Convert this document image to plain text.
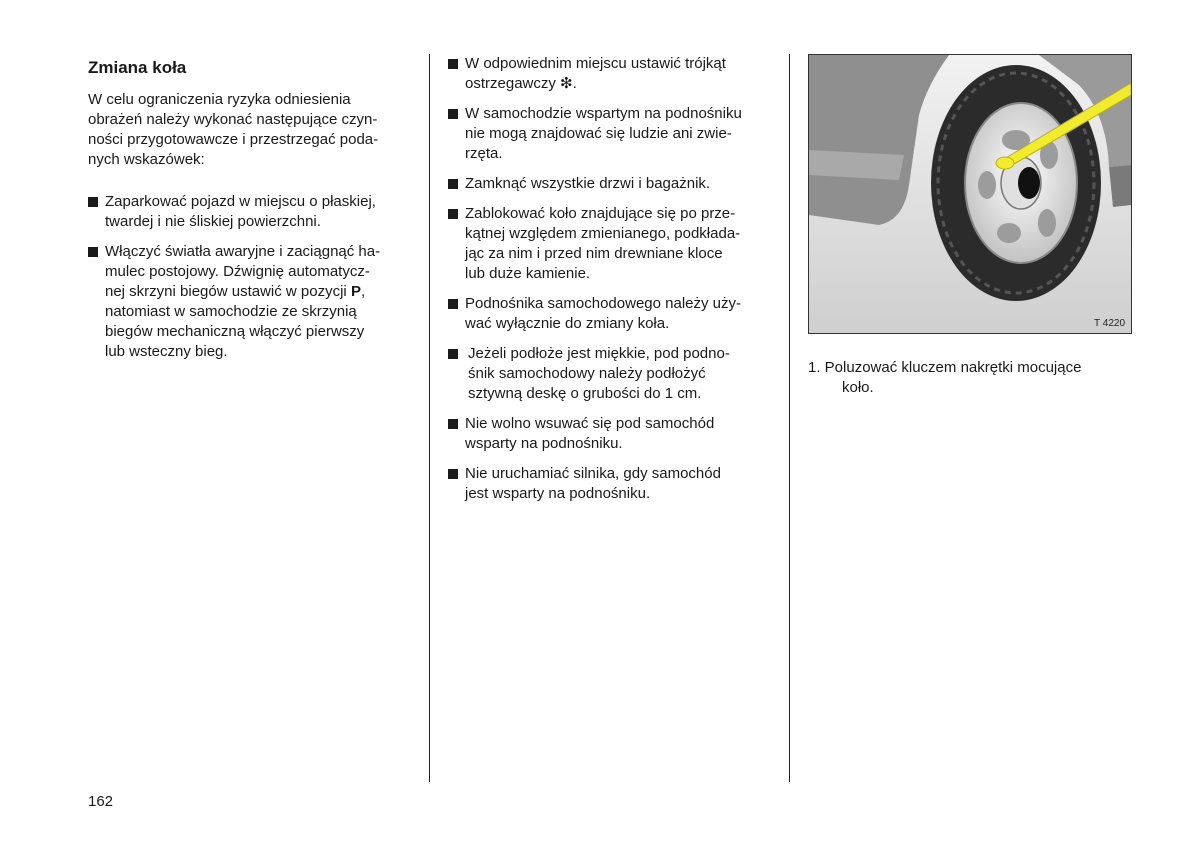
Zmiana koła

W celu ograniczenia ryzyka odniesienia
obrażeń należy wykonać następujące czyn-
ności przygotowawcze i przestrzegać poda-
nych wskazówek:

Zaparkować pojazd w miejscu o płaskiej,
twardej i nie śliskiej powierzchni.
Włączyć światła awaryjne i zaciągnąć ha-
mulec postojowy. Dźwignię automatycz-
nej skrzyni biegów ustawić w pozycji P,
natomiast w samochodzie ze skrzynią
biegów mechaniczną włączyć pierwszy
lub wsteczny bieg.
W odpowiednim miejscu ustawić trójkąt
ostrzegawczy ❇.
W samochodzie wspartym na podnośniku
nie mogą znajdować się ludzie ani zwie-
rzęta.
Zamknąć wszystkie drzwi i bagażnik.
Zablokować koło znajdujące się po prze-
kątnej względem zmienianego, podkłada-
jąc za nim i przed nim drewniane kloce
lub duże kamienie.
Podnośnika samochodowego należy uży-
wać wyłącznie do zmiany koła.
Jeżeli podłoże jest miękkie, pod podno-
śnik samochodowy należy podłożyć
sztywną deskę o grubości do 1 cm.
Nie wolno wsuwać się pod samochód
wsparty na podnośniku.
Nie uruchamiać silnika, gdy samochód
jest wsparty na podnośniku.
T 4220
1. Poluzować kluczem nakrętki mocujące
koło.
162
